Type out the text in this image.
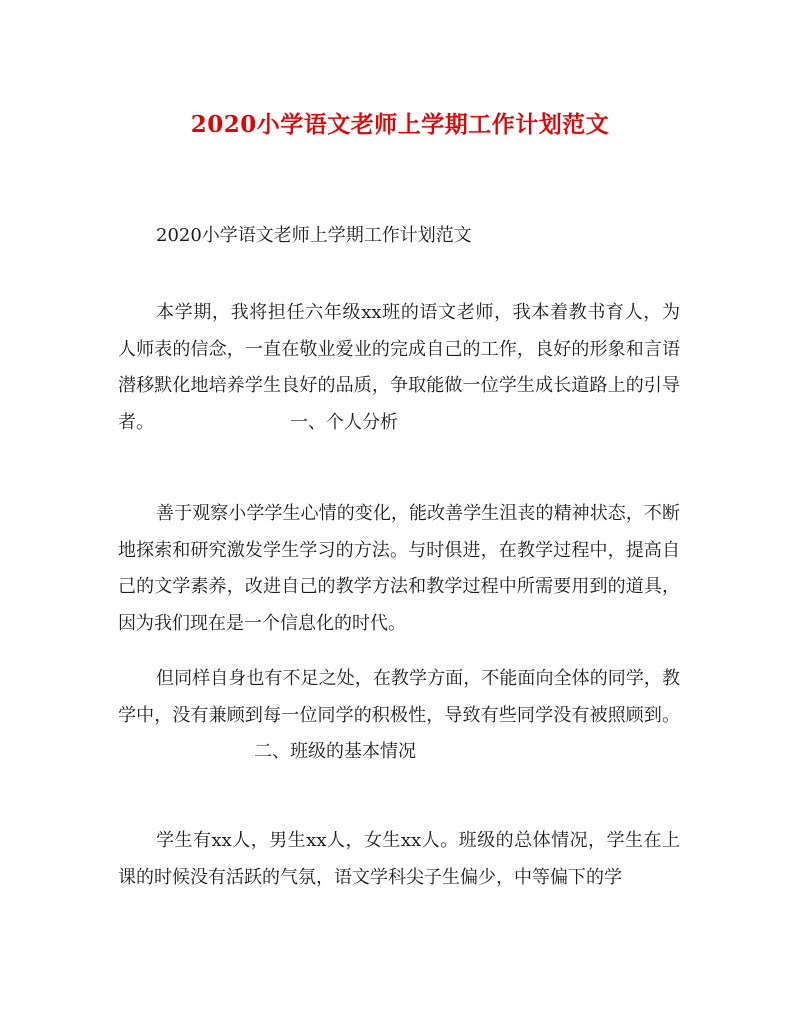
2020小学语文老师上学期工作计划范文

2020小学语文老师上学期工作计划范文

本学期，我将担任六年级xx班的语文老师，我本着教书育人，为人师表的信念，一直在敬业爱业的完成自己的工作，良好的形象和言语潜移默化地培养学生良好的品质，争取能做一位学生成长道路上的引导者。	一、个人分析

善于观察小学学生心情的变化，能改善学生沮丧的精神状态，不断地探索和研究激发学生学习的方法。与时俱进，在教学过程中，提高自己的文学素养，改进自己的教学方法和教学过程中所需要用到的道具，因为我们现在是一个信息化的时代。

但同样自身也有不足之处，在教学方面，不能面向全体的同学，教学中，没有兼顾到每一位同学的积极性，导致有些同学没有被照顾到。二、班级的基本情况

学生有xx人，男生xx人，女生xx人。班级的总体情况，学生在上课的时候没有活跃的气氛，语文学科尖子生偏少，中等偏下的学
